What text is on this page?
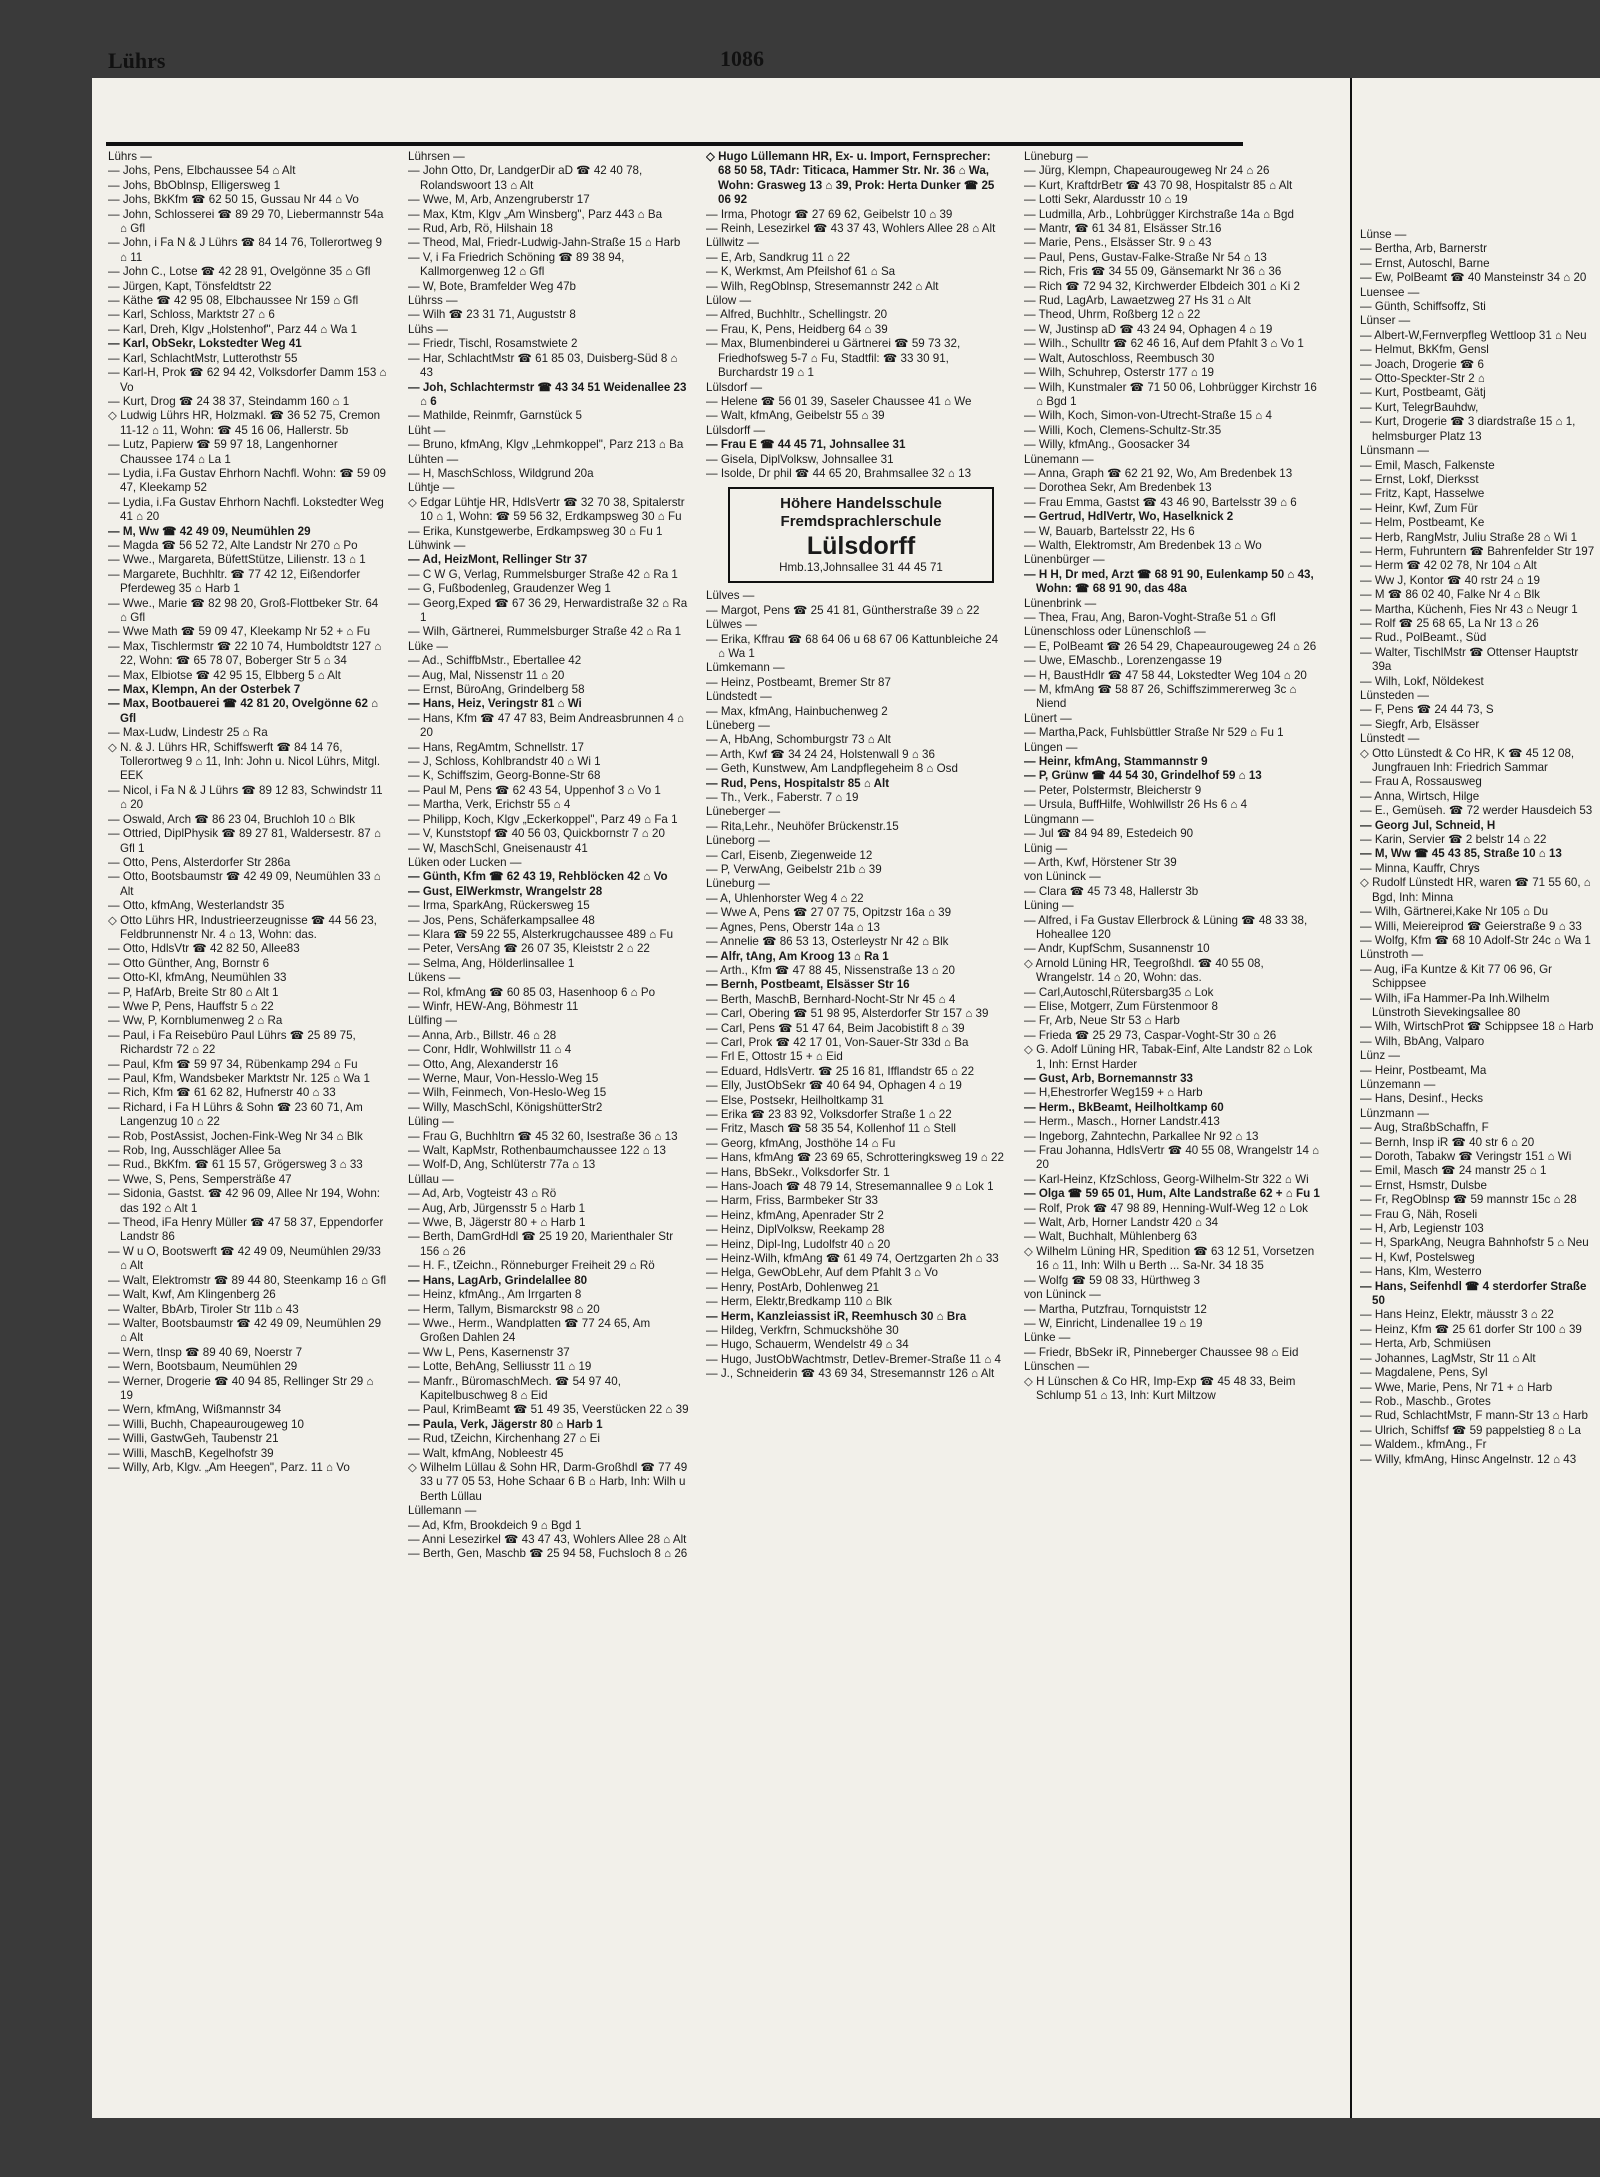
Lünse —
— Bertha, Arb, Barnerstr
— Ernst, Autoschl, Barne
— Ew, PolBeamt ☎ 40 Mansteinstr 34 ⌂ 20
Luensee —
— Günth, Schiffsoffz, Sti
Lünser —
— Albert-W,Fernverpfleg Wettloop 31 ⌂ Neu
— Helmut, BkKfm, Gensl
— Joach, Drogerie ☎ 6
— Otto-Speckter-Str 2 ⌂
— Kurt, Postbeamt, Gätj
— Kurt, TelegrBauhdw,
— Kurt, Drogerie ☎ 3 diardstraße 15 ⌂ 1, helmsburger Platz 13
Lünsmann —
— Emil, Masch, Falkenste
— Ernst, Lokf, Dierksst
— Fritz, Kapt, Hasselwe
— Heinr, Kwf, Zum Für
— Helm, Postbeamt, Ke
— Herb, RangMstr, Juliu Straße 28 ⌂ Wi 1
— Herm, Fuhruntern ☎ Bahrenfelder Str 197
— Herm ☎ 42 02 78, Nr 104 ⌂ Alt
— Ww J, Kontor ☎ 40 rstr 24 ⌂ 19
— M ☎ 86 02 40, Falke Nr 4 ⌂ Blk
— Martha, Küchenh, Fies Nr 43 ⌂ Neugr 1
— Rolf ☎ 25 68 65, La Nr 13 ⌂ 26
— Rud., PolBeamt., Süd
— Walter, TischlMstr ☎ Ottenser Hauptstr 39a
— Wilh, Lokf, Nöldekest
Lünsteden —
— F, Pens ☎ 24 44 73, S
— Siegfr, Arb, Elsässer
Lünstedt —
◇ Otto Lünstedt & Co HR, K ☎ 45 12 08, Jungfrauen Inh: Friedrich Sammar
— Frau A, Rossausweg
— Anna, Wirtsch, Hilge
— E., Gemüseh. ☎ 72 werder Hausdeich 53
— Georg Jul, Schneid, H
— Karin, Servier ☎ 2 belstr 14 ⌂ 22
— M, Ww ☎ 45 43 85, Straße 10 ⌂ 13
— Minna, Kauffr, Chrys
◇ Rudolf Lünstedt HR, waren ☎ 71 55 60, ⌂ Bgd, Inh: Minna
— Wilh, Gärtnerei,Kake Nr 105 ⌂ Du
— Willi, Meiereiprod ☎ Geierstraße 9 ⌂ 33
— Wolfg, Kfm ☎ 68 10 Adolf-Str 24c ⌂ Wa 1
Lünstroth —
— Aug, iFa Kuntze & Kit 77 06 96, Gr Schippsee
— Wilh, iFa Hammer-Pa Inh.Wilhelm Lünstroth Sievekingsallee 80
— Wilh, WirtschProt ☎ Schippsee 18 ⌂ Harb
— Wilh, BbAng, Valparo
Lünz —
— Heinr, Postbeamt, Ma
Lünzemann —
— Hans, Desinf., Hecks
Lünzmann —
— Aug, StraßbSchaffn, F
— Bernh, Insp iR ☎ 40 str 6 ⌂ 20
— Doroth, Tabakw ☎ Veringstr 151 ⌂ Wi
— Emil, Masch ☎ 24 manstr 25 ⌂ 1
— Ernst, Hsmstr, Dulsbe
— Fr, RegOblnsp ☎ 59 mannstr 15c ⌂ 28
— Frau G, Näh, Roseli
— H, Arb, Legienstr 103
— H, SparkAng, Neugra Bahnhofstr 5 ⌂ Neu
— H, Kwf, Postelsweg
— Hans, Klm, Westerro
— Hans, Seifenhdl ☎ 4 sterdorfer Straße 50
— Hans Heinz, Elektr, mäusstr 3 ⌂ 22
— Heinz, Kfm ☎ 25 61 dorfer Str 100 ⌂ 39
— Herta, Arb, Schmiüsen
— Johannes, LagMstr, Str 11 ⌂ Alt
— Magdalene, Pens, Syl
— Wwe, Marie, Pens, Nr 71 + ⌂ Harb
— Rob., Maschb., Grotes
— Rud, SchlachtMstr, F mann-Str 13 ⌂ Harb
— Ulrich, Schiffsf ☎ 59 pappelstieg 8 ⌂ La
— Waldem., kfmAng., Fr
— Willy, kfmAng, Hinsc Angelnstr. 12 ⌂ 43
Lührs	1086
Lührs —
— Johs, Pens, Elbchaussee 54 ⌂ Alt
— Johs, BbOblnsp, Elligersweg 1
— Johs, BkKfm ☎ 62 50 15, Gussau Nr 44 ⌂ Vo
— John, Schlosserei ☎ 89 29 70, Liebermannstr 54a ⌂ Gfl
— John, i Fa N & J Lührs ☎ 84 14 76, Tollerortweg 9 ⌂ 11
— John C., Lotse ☎ 42 28 91, Ovelgönne 35 ⌂ Gfl
— Jürgen, Kapt, Tönsfeldtstr 22
— Käthe ☎ 42 95 08, Elbchaussee Nr 159 ⌂ Gfl
— Karl, Schloss, Marktstr 27 ⌂ 6
— Karl, Dreh, Klgv „Holstenhof", Parz 44 ⌂ Wa 1
— Karl, ObSekr, Lokstedter Weg 41
— Karl, SchlachtMstr, Lutterothstr 55
— Karl-H, Prok ☎ 62 94 42, Volksdorfer Damm 153 ⌂ Vo
— Kurt, Drog ☎ 24 38 37, Steindamm 160 ⌂ 1
◇ Ludwig Lührs HR, Holzmakl. ☎ 36 52 75, Cremon 11-12 ⌂ 11, Wohn: ☎ 45 16 06, Hallerstr. 5b
— Lutz, Papierw ☎ 59 97 18, Langenhorner Chaussee 174 ⌂ La 1
— Lydia, i.Fa Gustav Ehrhorn Nachfl. Wohn: ☎ 59 09 47, Kleekamp 52
— Lydia, i.Fa Gustav Ehrhorn Nachfl. Lokstedter Weg 41 ⌂ 20
— M, Ww ☎ 42 49 09, Neumühlen 29
— Magda ☎ 56 52 72, Alte Landstr Nr 270 ⌂ Po
— Wwe., Margareta, BüfettStütze, Lilienstr. 13 ⌂ 1
— Margarete, Buchhltr. ☎ 77 42 12, Eißendorfer Pferdeweg 35 ⌂ Harb 1
— Wwe., Marie ☎ 82 98 20, Groß-Flottbeker Str. 64 ⌂ Gfl
— Wwe Math ☎ 59 09 47, Kleekamp Nr 52 + ⌂ Fu
— Max, Tischlermstr ☎ 22 10 74, Humboldtstr 127 ⌂ 22, Wohn: ☎ 65 78 07, Boberger Str 5 ⌂ 34
— Max, Elbiotse ☎ 42 95 15, Elbberg 5 ⌂ Alt
— Max, Klempn, An der Osterbek 7
— Max, Bootbauerei ☎ 42 81 20, Ovelgönne 62 ⌂ Gfl
— Max-Ludw, Lindestr 25 ⌂ Ra
◇ N. & J. Lührs HR, Schiffswerft ☎ 84 14 76, Tollerortweg 9 ⌂ 11, Inh: John u. Nicol Lührs, Mitgl. EEK
— Nicol, i Fa N & J Lührs ☎ 89 12 83, Schwindstr 11 ⌂ 20
— Oswald, Arch ☎ 86 23 04, Bruchloh 10 ⌂ Blk
— Ottried, DiplPhysik ☎ 89 27 81, Waldersestr. 87 ⌂ Gfl 1
— Otto, Pens, Alsterdorfer Str 286a
— Otto, Bootsbaumstr ☎ 42 49 09, Neumühlen 33 ⌂ Alt
— Otto, kfmAng, Westerlandstr 35
◇ Otto Lührs HR, Industrieerzeugnisse ☎ 44 56 23, Feldbrunnenstr Nr. 4 ⌂ 13, Wohn: das.
— Otto, HdlsVtr ☎ 42 82 50, Allee83
— Otto Günther, Ang, Bornstr 6
— Otto-Kl, kfmAng, Neumühlen 33
— P, HafArb, Breite Str 80 ⌂ Alt 1
— Wwe P, Pens, Hauffstr 5 ⌂ 22
— Ww, P, Kornblumenweg 2 ⌂ Ra
— Paul, i Fa Reisebüro Paul Lührs ☎ 25 89 75, Richardstr 72 ⌂ 22
— Paul, Kfm ☎ 59 97 34, Rübenkamp 294 ⌂ Fu
— Paul, Kfm, Wandsbeker Marktstr Nr. 125 ⌂ Wa 1
— Rich, Kfm ☎ 61 62 82, Hufnerstr 40 ⌂ 33
— Richard, i Fa H Lührs & Sohn ☎ 23 60 71, Am Langenzug 10 ⌂ 22
— Rob, PostAssist, Jochen-Fink-Weg Nr 34 ⌂ Blk
— Rob, Ing, Ausschläger Allee 5a
— Rud., BkKfm. ☎ 61 15 57, Grögersweg 3 ⌂ 33
— Wwe, S, Pens, Sempersträße 47
— Sidonia, Gastst. ☎ 42 96 09, Allee Nr 194, Wohn: das 192 ⌂ Alt 1
— Theod, iFa Henry Müller ☎ 47 58 37, Eppendorfer Landstr 86
— W u O, Bootswerft ☎ 42 49 09, Neumühlen 29/33 ⌂ Alt
— Walt, Elektromstr ☎ 89 44 80, Steenkamp 16 ⌂ Gfl
— Walt, Kwf, Am Klingenberg 26
— Walter, BbArb, Tiroler Str 11b ⌂ 43
— Walter, Bootsbaumstr ☎ 42 49 09, Neumühlen 29 ⌂ Alt
— Wern, tInsp ☎ 89 40 69, Noerstr 7
— Wern, Bootsbaum, Neumühlen 29
— Werner, Drogerie ☎ 40 94 85, Rellinger Str 29 ⌂ 19
— Wern, kfmAng, Wißmannstr 34
— Willi, Buchh, Chapeaurougeweg 10
— Willi, GastwGeh, Taubenstr 21
— Willi, MaschB, Kegelhofstr 39
— Willy, Arb, Klgv. „Am Heegen", Parz. 11 ⌂ Vo
Lührsen —
— John Otto, Dr, LandgerDir aD ☎ 42 40 78, Rolandswoort 13 ⌂ Alt
— Wwe, M, Arb, Anzengruberstr 17
— Max, Ktm, Klgv „Am Winsberg", Parz 443 ⌂ Ba
— Rud, Arb, Rö, Hilshain 18
— Theod, Mal, Friedr-Ludwig-Jahn-Straße 15 ⌂ Harb
— V, i Fa Friedrich Schöning ☎ 89 38 94, Kallmorgenweg 12 ⌂ Gfl
— W, Bote, Bramfelder Weg 47b
Lührss —
— Wilh ☎ 23 31 71, Auguststr 8
Lühs —
— Friedr, Tischl, Rosamstwiete 2
— Har, SchlachtMstr ☎ 61 85 03, Duisberg-Süd 8 ⌂ 43
— Joh, Schlachtermstr ☎ 43 34 51 Weidenallee 23 ⌂ 6
— Mathilde, Reinmfr, Garnstück 5
Lüht —
— Bruno, kfmAng, Klgv „Lehmkoppel", Parz 213 ⌂ Ba
Lühten —
— H, MaschSchloss, Wildgrund 20a
Lühtje —
◇ Edgar Lühtje HR, HdlsVertr ☎ 32 70 38, Spitalerstr 10 ⌂ 1, Wohn: ☎ 59 56 32, Erdkampsweg 30 ⌂ Fu
— Erika, Kunstgewerbe, Erdkampsweg 30 ⌂ Fu 1
Lühwink —
— Ad, HeizMont, Rellinger Str 37
— C W G, Verlag, Rummelsburger Straße 42 ⌂ Ra 1
— G, Fußbodenleg, Graudenzer Weg 1
— Georg,Exped ☎ 67 36 29, Herwardistraße 32 ⌂ Ra 1
— Wilh, Gärtnerei, Rummelsburger Straße 42 ⌂ Ra 1
Lüke —
— Ad., SchiffbMstr., Ebertallee 42
— Aug, Mal, Nissenstr 11 ⌂ 20
— Ernst, BüroAng, Grindelberg 58
— Hans, Heiz, Veringstr 81 ⌂ Wi
— Hans, Kfm ☎ 47 47 83, Beim Andreasbrunnen 4 ⌂ 20
— Hans, RegAmtm, Schnellstr. 17
— J, Schloss, Kohlbrandstr 40 ⌂ Wi 1
— K, Schiffszim, Georg-Bonne-Str 68
— Paul M, Pens ☎ 62 43 54, Uppenhof 3 ⌂ Vo 1
— Martha, Verk, Erichstr 55 ⌂ 4
— Philipp, Koch, Klgv „Eckerkoppel", Parz 49 ⌂ Fa 1
— V, Kunststopf ☎ 40 56 03, Quickbornstr 7 ⌂ 20
— W, MaschSchl, Gneisenaustr 41
Lüken oder Lucken —
— Günth, Kfm ☎ 62 43 19, Rehblöcken 42 ⌂ Vo
— Gust, ElWerkmstr, Wrangelstr 28
— Irma, SparkAng, Rückersweg 15
— Jos, Pens, Schäferkampsallee 48
— Klara ☎ 59 22 55, Alsterkrugchaussee 489 ⌂ Fu
— Peter, VersAng ☎ 26 07 35, Kleiststr 2 ⌂ 22
— Selma, Ang, Hölderlinsallee 1
Lükens —
— Rol, kfmAng ☎ 60 85 03, Hasenhoop 6 ⌂ Po
— Winfr, HEW-Ang, Böhmestr 11
Lülfing —
— Anna, Arb., Billstr. 46 ⌂ 28
— Conr, Hdlr, Wohlwillstr 11 ⌂ 4
— Otto, Ang, Alexanderstr 16
— Werne, Maur, Von-Hesslo-Weg 15
— Wilh, Feinmech, Von-Heslo-Weg 15
— Willy, MaschSchl, KönigshütterStr2
Lüling —
— Frau G, Buchhltrn ☎ 45 32 60, Isestraße 36 ⌂ 13
— Walt, KapMstr, Rothenbaumchaussee 122 ⌂ 13
— Wolf-D, Ang, Schlüterstr 77a ⌂ 13
Lüllau —
— Ad, Arb, Vogteistr 43 ⌂ Rö
— Aug, Arb, Jürgensstr 5 ⌂ Harb 1
— Wwe, B, Jägerstr 80 + ⌂ Harb 1
— Berth, DamGrdHdl ☎ 25 19 20, Marienthaler Str 156 ⌂ 26
— H. F., tZeichn., Rönneburger Freiheit 29 ⌂ Rö
— Hans, LagArb, Grindelallee 80
— Heinz, kfmAng., Am Irrgarten 8
— Herm, Tallym, Bismarckstr 98 ⌂ 20
— Wwe., Herm., Wandplatten ☎ 77 24 65, Am Großen Dahlen 24
— Ww L, Pens, Kasernenstr 37
— Lotte, BehAng, Selliusstr 11 ⌂ 19
— Manfr., BüromaschMech. ☎ 54 97 40, Kapitelbuschweg 8 ⌂ Eid
— Paul, KrimBeamt ☎ 51 49 35, Veerstücken 22 ⌂ 39
— Paula, Verk, Jägerstr 80 ⌂ Harb 1
— Rud, tZeichn, Kirchenhang 27 ⌂ Ei
— Walt, kfmAng, Nobleestr 45
◇ Wilhelm Lüllau & Sohn HR, Darm-Großhdl ☎ 77 49 33 u 77 05 53, Hohe Schaar 6 B ⌂ Harb, Inh: Wilh u Berth Lüllau
Lüllemann —
— Ad, Kfm, Brookdeich 9 ⌂ Bgd 1
— Anni Lesezirkel ☎ 43 47 43, Wohlers Allee 28 ⌂ Alt
— Berth, Gen, Maschb ☎ 25 94 58, Fuchsloch 8 ⌂ 26
◇ Hugo Lüllemann HR, Ex- u. Import, Fernsprecher: 68 50 58, TAdr: Titicaca, Hammer Str. Nr. 36 ⌂ Wa, Wohn: Grasweg 13 ⌂ 39, Prok: Herta Dunker ☎ 25 06 92
— Irma, Photogr ☎ 27 69 62, Geibelstr 10 ⌂ 39
— Reinh, Lesezirkel ☎ 43 37 43, Wohlers Allee 28 ⌂ Alt
Lüllwitz —
— E, Arb, Sandkrug 11 ⌂ 22
— K, Werkmst, Am Pfeilshof 61 ⌂ Sa
— Wilh, RegOblnsp, Stresemannstr 242 ⌂ Alt
Lülow —
— Alfred, Buchhltr., Schellingstr. 20
— Frau, K, Pens, Heidberg 64 ⌂ 39
— Max, Blumenbinderei u Gärtnerei ☎ 59 73 32, Friedhofsweg 5-7 ⌂ Fu, Stadtfil: ☎ 33 30 91, Burchardstr 19 ⌂ 1
Lülsdorf —
— Helene ☎ 56 01 39, Saseler Chaussee 41 ⌂ We
— Walt, kfmAng, Geibelstr 55 ⌂ 39
Lülsdorff —
— Frau E ☎ 44 45 71, Johnsallee 31
— Gisela, DiplVolksw, Johnsallee 31
— Isolde, Dr phil ☎ 44 65 20, Brahmsallee 32 ⌂ 13
Höhere Handelsschule
Fremdsprachlerschule
Lülsdorff
Hmb.13,Johnsallee 31 44 45 71
Lülves —
— Margot, Pens ☎ 25 41 81, Güntherstraße 39 ⌂ 22
Lülwes —
— Erika, Kffrau ☎ 68 64 06 u 68 67 06 Kattunbleiche 24 ⌂ Wa 1
Lümkemann —
— Heinz, Postbeamt, Bremer Str 87
Lündstedt —
— Max, kfmAng, Hainbuchenweg 2
Lüneberg —
— A, HbAng, Schomburgstr 73 ⌂ Alt
— Arth, Kwf ☎ 34 24 24, Holstenwall 9 ⌂ 36
— Geth, Kunstwew, Am Landpflegeheim 8 ⌂ Osd
— Rud, Pens, Hospitalstr 85 ⌂ Alt
— Th., Verk., Faberstr. 7 ⌂ 19
Lüneberger —
— Rita,Lehr., Neuhöfer Brückenstr.15
Lüneborg —
— Carl, Eisenb, Ziegenweide 12
— P, VerwAng, Geibelstr 21b ⌂ 39
Lüneburg —
— A, Uhlenhorster Weg 4 ⌂ 22
— Wwe A, Pens ☎ 27 07 75, Opitzstr 16a ⌂ 39
— Agnes, Pens, Oberstr 14a ⌂ 13
— Annelie ☎ 86 53 13, Osterleystr Nr 42 ⌂ Blk
— Alfr, tAng, Am Kroog 13 ⌂ Ra 1
— Arth., Kfm ☎ 47 88 45, Nissenstraße 13 ⌂ 20
— Bernh, Postbeamt, Elsässer Str 16
— Berth, MaschB, Bernhard-Nocht-Str Nr 45 ⌂ 4
— Carl, Obering ☎ 51 98 95, Alsterdorfer Str 157 ⌂ 39
— Carl, Pens ☎ 51 47 64, Beim Jacobistift 8 ⌂ 39
— Carl, Prok ☎ 42 17 01, Von-Sauer-Str 33d ⌂ Ba
— Frl E, Ottostr 15 + ⌂ Eid
— Eduard, HdlsVertr. ☎ 25 16 81, Ifflandstr 65 ⌂ 22
— Elly, JustObSekr ☎ 40 64 94, Ophagen 4 ⌂ 19
— Else, Postsekr, Heilholtkamp 31
— Erika ☎ 23 83 92, Volksdorfer Straße 1 ⌂ 22
— Fritz, Masch ☎ 58 35 54, Kollenhof 11 ⌂ Stell
— Georg, kfmAng, Josthöhe 14 ⌂ Fu
— Hans, kfmAng ☎ 23 69 65, Schrotteringksweg 19 ⌂ 22
— Hans, BbSekr., Volksdorfer Str. 1
— Hans-Joach ☎ 48 79 14, Stresemannallee 9 ⌂ Lok 1
— Harm, Friss, Barmbeker Str 33
— Heinz, kfmAng, Apenrader Str 2
— Heinz, DiplVolksw, Reekamp 28
— Heinz, Dipl-Ing, Ludolfstr 40 ⌂ 20
— Heinz-Wilh, kfmAng ☎ 61 49 74, Oertzgarten 2h ⌂ 33
— Helga, GewObLehr, Auf dem Pfahlt 3 ⌂ Vo
— Henry, PostArb, Dohlenweg 21
— Herm, Elektr,Bredkamp 110 ⌂ Blk
— Herm, Kanzleiassist iR, Reemhusch 30 ⌂ Bra
— Hildeg, Verkfrn, Schmuckshöhe 30
— Hugo, Schauerm, Wendelstr 49 ⌂ 34
— Hugo, JustObWachtmstr, Detlev-Bremer-Straße 11 ⌂ 4
— J., Schneiderin ☎ 43 69 34, Stresemannstr 126 ⌂ Alt
Lüneburg —
— Jürg, Klempn, Chapeaurougeweg Nr 24 ⌂ 26
— Kurt, KraftdrBetr ☎ 43 70 98, Hospitalstr 85 ⌂ Alt
— Lotti Sekr, Alardusstr 10 ⌂ 19
— Ludmilla, Arb., Lohbrügger Kirchstraße 14a ⌂ Bgd
— Mantr, ☎ 61 34 81, Elsässer Str.16
— Marie, Pens., Elsässer Str. 9 ⌂ 43
— Paul, Pens, Gustav-Falke-Straße Nr 54 ⌂ 13
— Rich, Fris ☎ 34 55 09, Gänsemarkt Nr 36 ⌂ 36
— Rich ☎ 72 94 32, Kirchwerder Elbdeich 301 ⌂ Ki 2
— Rud, LagArb, Lawaetzweg 27 Hs 31 ⌂ Alt
— Theod, Uhrm, Roßberg 12 ⌂ 22
— W, Justinsp aD ☎ 43 24 94, Ophagen 4 ⌂ 19
— Wilh., Schulltr ☎ 62 46 16, Auf dem Pfahlt 3 ⌂ Vo 1
— Walt, Autoschloss, Reembusch 30
— Wilh, Schuhrep, Osterstr 177 ⌂ 19
— Wilh, Kunstmaler ☎ 71 50 06, Lohbrügger Kirchstr 16 ⌂ Bgd 1
— Wilh, Koch, Simon-von-Utrecht-Straße 15 ⌂ 4
— Willi, Koch, Clemens-Schultz-Str.35
— Willy, kfmAng., Goosacker 34
Lünemann —
— Anna, Graph ☎ 62 21 92, Wo, Am Bredenbek 13
— Dorothea Sekr, Am Bredenbek 13
— Frau Emma, Gastst ☎ 43 46 90, Bartelsstr 39 ⌂ 6
— Gertrud, HdlVertr, Wo, Haselknick 2
— W, Bauarb, Bartelsstr 22, Hs 6
— Walth, Elektromstr, Am Bredenbek 13 ⌂ Wo
Lünenbürger —
— H H, Dr med, Arzt ☎ 68 91 90, Eulenkamp 50 ⌂ 43, Wohn: ☎ 68 91 90, das 48a
Lünenbrink —
— Thea, Frau, Ang, Baron-Voght-Straße 51 ⌂ Gfl
Lünenschloss oder Lünenschloß —
— E, PolBeamt ☎ 26 54 29, Chapeaurougeweg 24 ⌂ 26
— Uwe, EMaschb., Lorenzengasse 19
— H, BaustHdlr ☎ 47 58 44, Lokstedter Weg 104 ⌂ 20
— M, kfmAng ☎ 58 87 26, Schiffszimmererweg 3c ⌂ Niend
Lünert —
— Martha,Pack, Fuhlsbüttler Straße Nr 529 ⌂ Fu 1
Lüngen —
— Heinr, kfmAng, Stammannstr 9
— P, Grünw ☎ 44 54 30, Grindelhof 59 ⌂ 13
— Peter, Polstermstr, Bleicherstr 9
— Ursula, BuffHilfe, Wohlwillstr 26 Hs 6 ⌂ 4
Lüngmann —
— Jul ☎ 84 94 89, Estedeich 90
Lünig —
— Arth, Kwf, Hörstener Str 39
von Lüninck —
— Clara ☎ 45 73 48, Hallerstr 3b
Lüning —
— Alfred, i Fa Gustav Ellerbrock & Lüning ☎ 48 33 38, Hoheallee 120
— Andr, KupfSchm, Susannenstr 10
◇ Arnold Lüning HR, Teegroßhdl. ☎ 40 55 08, Wrangelstr. 14 ⌂ 20, Wohn: das.
— Carl,Autoschl,Rütersbarg35 ⌂ Lok
— Elise, Motgerr, Zum Fürstenmoor 8
— Fr, Arb, Neue Str 53 ⌂ Harb
— Frieda ☎ 25 29 73, Caspar-Voght-Str 30 ⌂ 26
◇ G. Adolf Lüning HR, Tabak-Einf, Alte Landstr 82 ⌂ Lok 1, Inh: Ernst Harder
— Gust, Arb, Bornemannstr 33
— H,Ehestrorfer Weg159 + ⌂ Harb
— Herm., BkBeamt, Heilholtkamp 60
— Herm., Masch., Horner Landstr.413
— Ingeborg, Zahntechn, Parkallee Nr 92 ⌂ 13
— Frau Johanna, HdlsVertr ☎ 40 55 08, Wrangelstr 14 ⌂ 20
— Karl-Heinz, KfzSchloss, Georg-Wilhelm-Str 322 ⌂ Wi
— Olga ☎ 59 65 01, Hum, Alte Landstraße 62 + ⌂ Fu 1
— Rolf, Prok ☎ 47 98 89, Henning-Wulf-Weg 12 ⌂ Lok
— Walt, Arb, Horner Landstr 420 ⌂ 34
— Walt, Buchhalt, Mühlenberg 63
◇ Wilhelm Lüning HR, Spedition ☎ 63 12 51, Vorsetzen 16 ⌂ 11, Inh: Wilh u Berth ... Sa-Nr. 34 18 35
— Wolfg ☎ 59 08 33, Hürthweg 3
von Lüninck —
— Martha, Putzfrau, Tornquiststr 12
— W, Einricht, Lindenallee 19 ⌂ 19
Lünke —
— Friedr, BbSekr iR, Pinneberger Chaussee 98 ⌂ Eid
Lünschen —
◇ H Lünschen & Co HR, Imp-Exp ☎ 45 48 33, Beim Schlump 51 ⌂ 13, Inh: Kurt Miltzow
